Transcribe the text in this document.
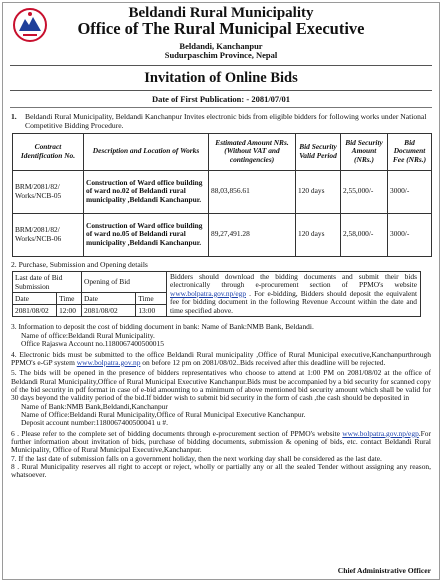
Beldandi Rural Municipality
Office of The Rural Municipal Executive
Beldandi, Kanchanpur
Sudurpaschim Province, Nepal
Invitation of Online Bids
Date of First Publication: - 2081/07/01
1.	Beldandi Rural Municipality, Beldandi Kanchanpur Invites electronic bids from eligible bidders for following works under National Competitive Bidding Procedure.
Contract Identification No.	Description and Location of Works	Estimated Amount NRs. (Without VAT and contingencies)	Bid Security Valid Period	Bid Security Amount (NRs.)	Bid Document Fee (NRs.)
BRM/2081/82/ Works/NCB-05	Construction of Ward office building of ward no.02 of Beldandi rural municipality ,Beldandi Kanchanpur.	88,03,856.61	120 days	2,55,000/-	3000/-
BRM/2081/82/ Works/NCB-06	Construction of Ward office building of ward no.05 of Beldandi rural municipality ,Beldandi Kanchanpur.	89,27,491.28	120 days	2,58,000/-	3000/-
2. Purchase, Submission and Opening details
Last date of Bid Submission		Opening of Bid	
Date	Time	Date	Time
2081/08/02	12:00	2081/08/02	13:00
Bidders should download the bidding documents and submit their bids electronically through e-procurement section of PPMO's website www.bolpatra.gov.np/egp . For e-bidding, Bidders should deposit the equivalent fee for bidding document in the following Revenue Account within the date and time specified above.

3. Information to deposit the cost of bidding document in bank: Name of Bank:NMB Bank, Beldandi.

Name of office:Beldandi Rural Municipality.

Office Rajaswa Account no.1180067400500015

4. Electronic bids must be submitted to the office Beldandi Rural municipality ,Office of Rural Municipal executive,Kanchanpurthrough PPMO's e-GP system www.bolpatra.gov.np on before 12 pm on 2081/08/02..Bids received after this deadline will be rejected.

5. The bids will be opened in the presence of bidders representatives who choose to attend at 1:00 PM on 2081/08/02 at the office of Beldandi Rural Municipality,Office of Rural Municipal Executive Kanchanpur.Bids must be accompanied by a bid security for scanned copy of the bid security in pdf format in case of e-bid amounting to a minimum of above mentioned bid security amount which shall be valid for 30 days beyond the validity period of the bid.If bidder wish to submit bid security in the form of cash ,the cash should be deposited in

Name of Bank:NMB Bank,Beldandi,Kanchanpur

Name of Office:Beldandi Rural Municipality,Office of Rural Municipal Executive Kanchanpur.

Deposit account number:1180067400500041 u #.

6 . Please refer to the complete set of bidding documents through e-procurement section of PPMO's website www.bolpatra.gov.np/egp.For further information about invitation of bids, purchase of bidding documents, submission & opening of bids, etc. contact Beldandi Rural Municipality, Office of Rural Municipal Executive,Kanchanpur.

7. If the last date of submission falls on a government holiday, then the next working day shall be considered as the last date.

8 . Rural Municipality reserves all right to accept or reject, wholly or partially any or all the sealed Tender without assigning any reason, whatsoever.

Chief Administrative Officer
